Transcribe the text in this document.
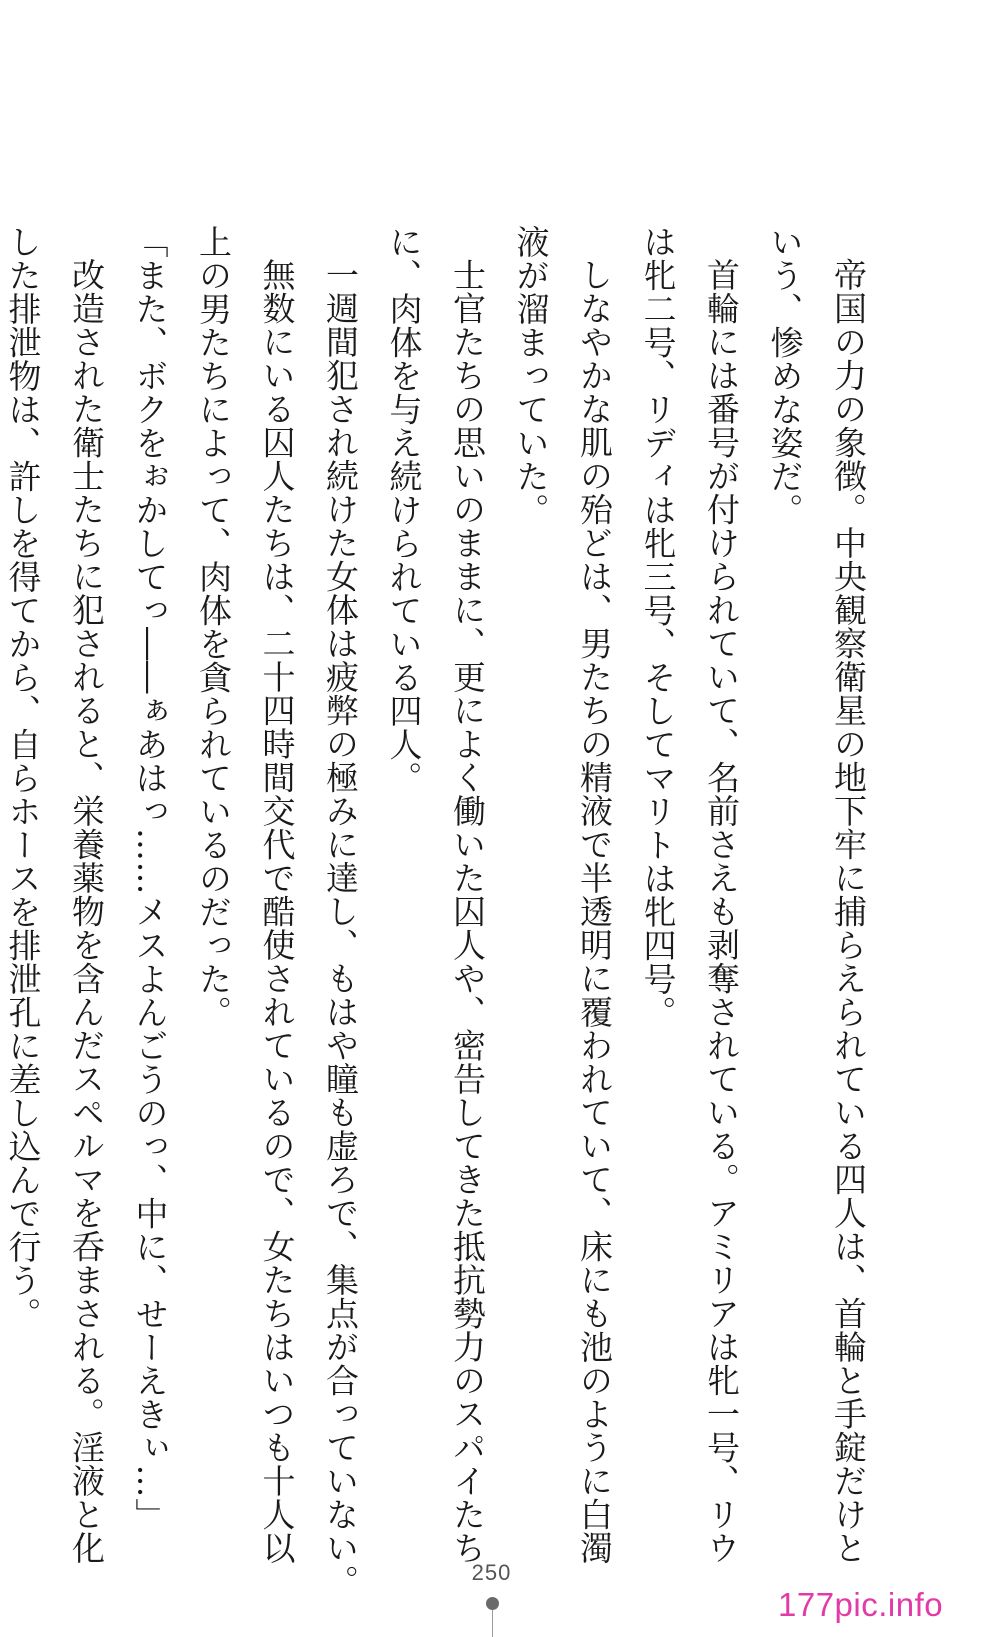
帝国の力の象徴。中央観察衛星の地下牢に捕らえられている四人は、首輪と手錠だけと
いう、惨めな姿だ。
首輪には番号が付けられていて、名前さえも剥奪されている。アミリアは牝一号、リウ
は牝二号、リディは牝三号、そしてマリトは牝四号。
しなやかな肌の殆どは、男たちの精液で半透明に覆われていて、床にも池のように白濁
液が溜まっていた。
士官たちの思いのままに、更によく働いた囚人や、密告してきた抵抗勢力のスパイたち
に、肉体を与え続けられている四人。
一週間犯され続けた女体は疲弊の極みに達し、もはや瞳も虚ろで、集点が合っていない。
無数にいる囚人たちは、二十四時間交代で酷使されているので、女たちはいつも十人以
上の男たちによって、肉体を貪られているのだった。
「また、ボクをぉかしてっ――ぁあはっ……メスよんごうのっ、中に、せーえきぃ…」
改造された衛士たちに犯されると、栄養薬物を含んだスペルマを呑まされる。淫液と化
した排泄物は、許しを得てから、自らホースを排泄孔に差し込んで行う。
250
177pic.info
